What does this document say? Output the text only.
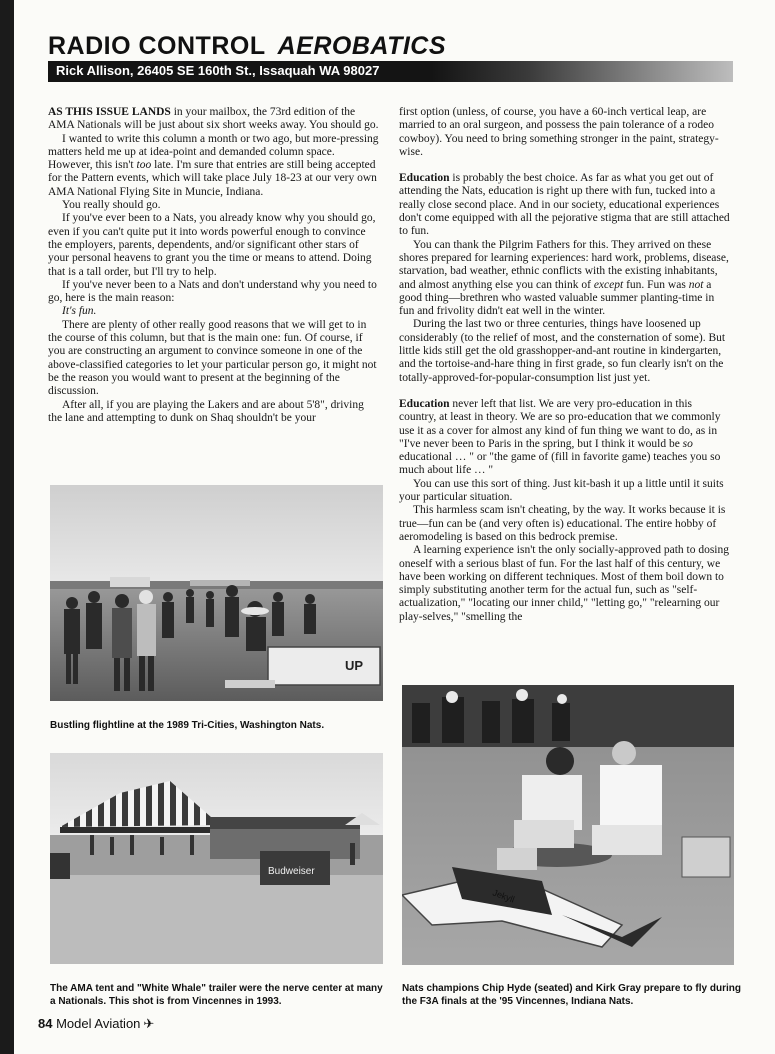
RADIO CONTROL AEROBATICS
Rick Allison, 26405 SE 160th St., Issaquah WA 98027

AS THIS ISSUE LANDS in your mailbox, the 73rd edition of the AMA Nationals will be just about six short weeks away. You should go.

I wanted to write this column a month or two ago, but more-pressing matters held me up at idea-point and demanded column space. However, this isn't too late. I'm sure that entries are still being accepted for the Pattern events, which will take place July 18-23 at our very own AMA National Flying Site in Muncie, Indiana.

You really should go.

If you've ever been to a Nats, you already know why you should go, even if you can't quite put it into words powerful enough to convince the employers, parents, dependents, and/or significant other stars of your personal heavens to grant you the time or means to attend. Doing that is a tall order, but I'll try to help.

If you've never been to a Nats and don't understand why you need to go, here is the main reason:

It's fun.

There are plenty of other really good reasons that we will get to in the course of this column, but that is the main one: fun. Of course, if you are constructing an argument to convince someone in one of the above-classified categories to let your particular person go, it might not be the reason you would want to present at the beginning of the discussion.

After all, if you are playing the Lakers and are about 5'8", driving the lane and attempting to dunk on Shaq shouldn't be your

first option (unless, of course, you have a 60-inch vertical leap, are married to an oral surgeon, and possess the pain tolerance of a rodeo cowboy). You need to bring something stronger in the paint, strategy-wise.

Education is probably the best choice. As far as what you get out of attending the Nats, education is right up there with fun, tucked into a really close second place. And in our society, educational experiences don't come equipped with all the pejorative stigma that are still attached to fun.

You can thank the Pilgrim Fathers for this. They arrived on these shores prepared for learning experiences: hard work, problems, disease, starvation, bad weather, ethnic conflicts with the existing inhabitants, and almost anything else you can think of except fun. Fun was not a good thing—brethren who wasted valuable summer planting-time in fun and frivolity didn't eat well in the winter.

During the last two or three centuries, things have loosened up considerably (to the relief of most, and the consternation of some). But little kids still get the old grasshopper-and-ant routine in kindergarten, and the tortoise-and-hare thing in first grade, so fun clearly isn't on the totally-approved-for-popular-consumption list just yet.

Education never left that list. We are very pro-education in this country, at least in theory. We are so pro-education that we commonly use it as a cover for almost any kind of fun thing we want to do, as in "I've never been to Paris in the spring, but I think it would be so educational … " or "the game of (fill in favorite game) teaches you so much about life … "

You can use this sort of thing. Just kit-bash it up a little until it suits your particular situation.

This harmless scam isn't cheating, by the way. It works because it is true—fun can be (and very often is) educational. The entire hobby of aeromodeling is based on this bedrock premise.

A learning experience isn't the only socially-approved path to dosing oneself with a serious blast of fun. For the last half of this century, we have been working on different techniques. Most of them boil down to simply substituting another term for the actual fun, such as "self-actualization," "locating our inner child," "letting go," "relearning our play-selves," "smelling the

UP
Bustling flightline at the 1989 Tri-Cities, Washington Nats.
Budweiser
The AMA tent and "White Whale" trailer were the nerve center at many a Nationals. This shot is from Vincennes in 1993.
Jekyll
Nats champions Chip Hyde (seated) and Kirk Gray prepare to fly during the F3A finals at the '95 Vincennes, Indiana Nats.
84 Model Aviation ✈
